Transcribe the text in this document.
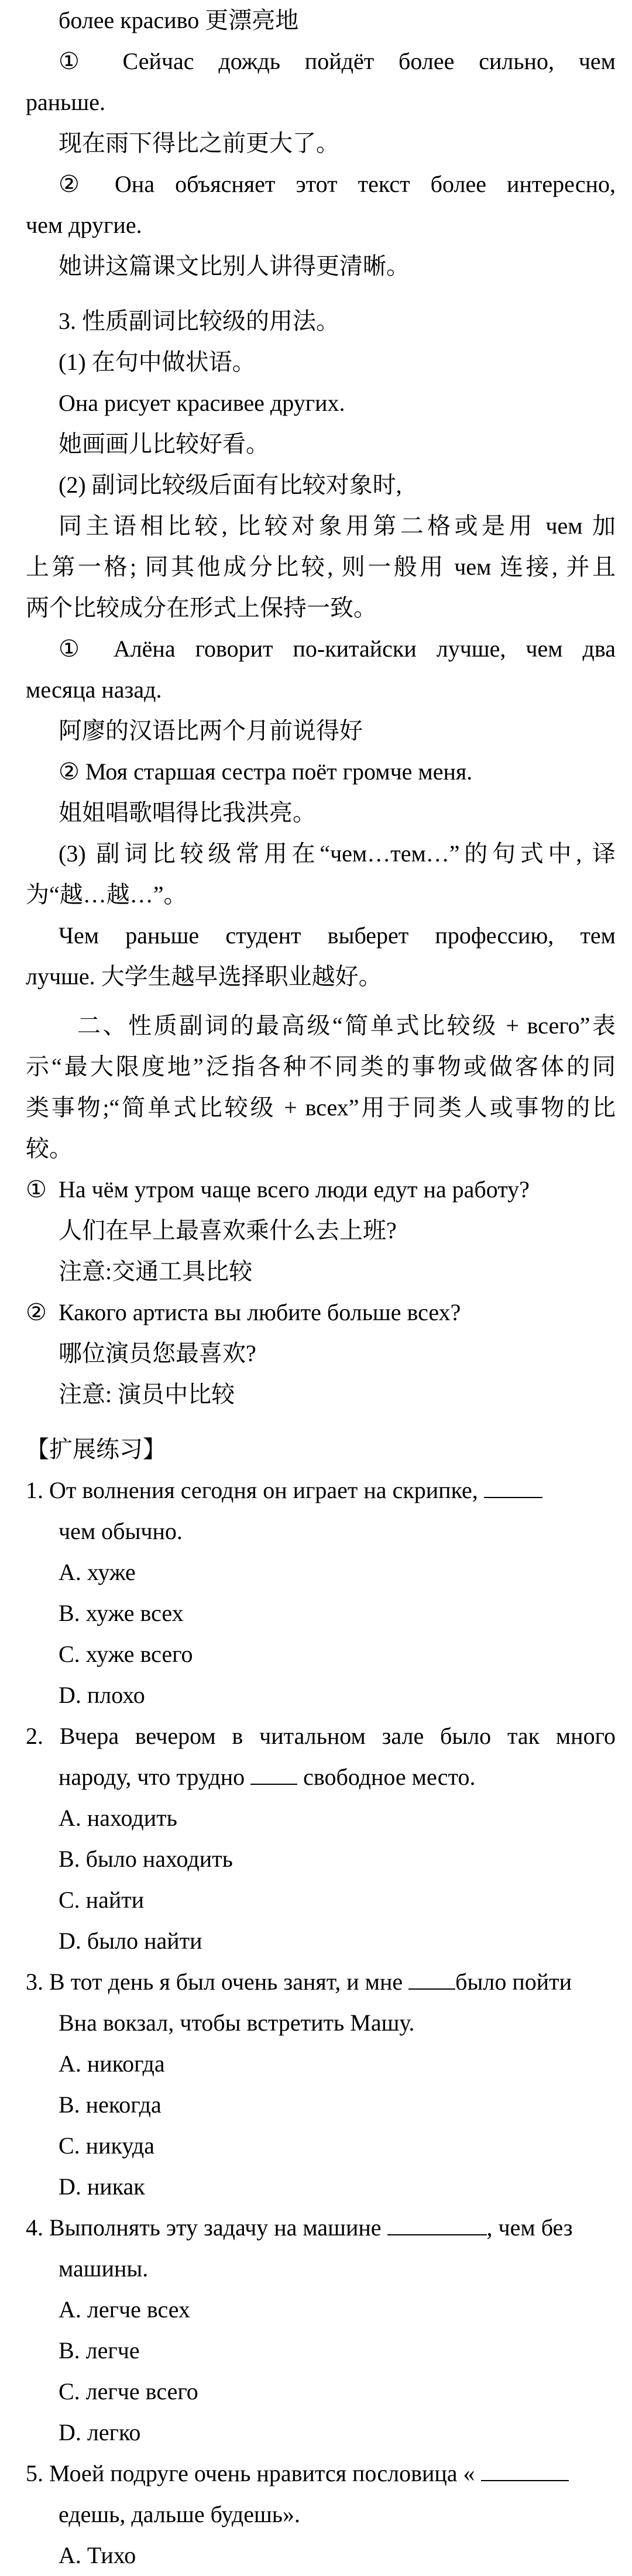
более красиво 更漂亮地
① Сейчас дождь пойдёт более сильно, чем
раньше.
现在雨下得比之前更大了。
② Она объясняет этот текст более интересно,
чем другие.
她讲这篇课文比别人讲得更清晰。
3. 性质副词比较级的用法。
(1) 在句中做状语。
Она рисует красивее других.
她画画儿比较好看。
(2) 副词比较级后面有比较对象时,
同主语相比较, 比较对象用第二格或是用 чем 加
上第一格; 同其他成分比较, 则一般用 чем 连接, 并且
两个比较成分在形式上保持一致。
① Алёна говорит по-китайски лучше, чем два
месяца назад.
阿廖的汉语比两个月前说得好
② Моя старшая сестра поёт громче меня.
姐姐唱歌唱得比我洪亮。
(3) 副词比较级常用在“чем…тем…”的句式中, 译
为“越…越…”。
Чем раньше студент выберет профессию, тем
лучше. 大学生越早选择职业越好。
二、性质副词的最高级“简单式比较级 + всего”表
示“最大限度地”泛指各种不同类的事物或做客体的同
类事物;“简单式比较级 + всех”用于同类人或事物的比
较。
① На чём утром чаще всего люди едут на работу?
人们在早上最喜欢乘什么去上班?
注意:交通工具比较
② Какого артиста вы любите больше всех?
哪位演员您最喜欢?
注意: 演员中比较
【扩展练习】
1. От волнения сегодня он играет на скрипке,
чем обычно.
A. хуже
B. хуже всех
C. хуже всего
D. плохо
2. Вчера вечером в читальном зале было так много
народу, что трудно	свободное место.
A. находить
B. было находить
C. найти
D. было найти
3. В тот день я был очень занят, и мне было пойти
Вна вокзал, чтобы встретить Машу.
A. никогда
B. некогда
C. никуда
D. никак
4. Выполнять эту задачу на машине	, чем без
машины.
A. легче всех
B. легче
C. легче всего
D. легко
5. Моей подруге очень нравится пословица «
едешь, дальше будешь».
A. Тихо
